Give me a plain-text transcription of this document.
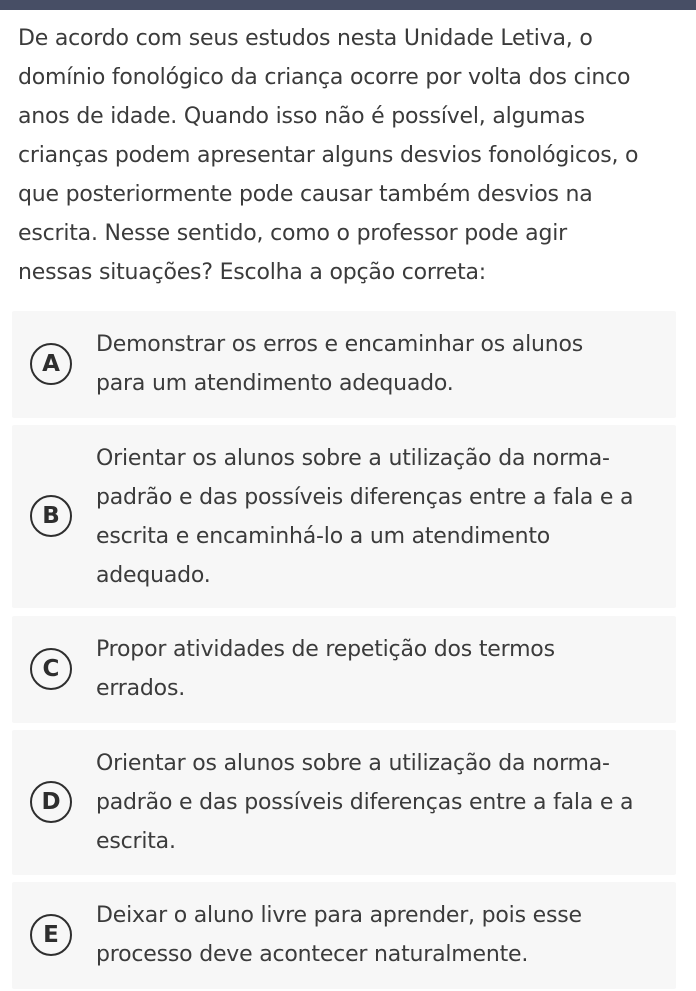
De acordo com seus estudos nesta Unidade Letiva, o
domínio fonológico da criança ocorre por volta dos cinco
anos de idade. Quando isso não é possível, algumas
crianças podem apresentar alguns desvios fonológicos, o
que posteriormente pode causar também desvios na
escrita. Nesse sentido, como o professor pode agir
nessas situações? Escolha a opção correta:
A
Demonstrar os erros e encaminhar os alunos
para um atendimento adequado.
B
Orientar os alunos sobre a utilização da norma-
padrão e das possíveis diferenças entre a fala e a
escrita e encaminhá-lo a um atendimento
adequado.
C
Propor atividades de repetição dos termos
errados.
D
Orientar os alunos sobre a utilização da norma-
padrão e das possíveis diferenças entre a fala e a
escrita.
E
Deixar o aluno livre para aprender, pois esse
processo deve acontecer naturalmente.
